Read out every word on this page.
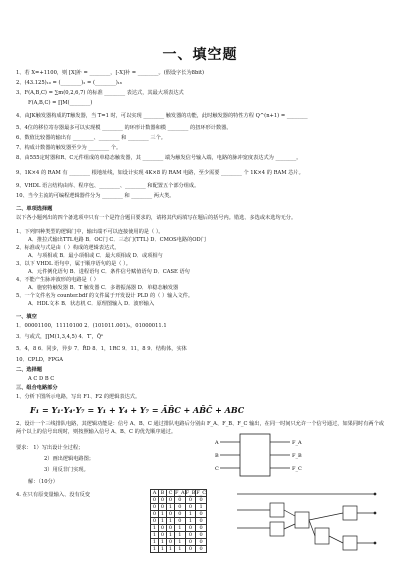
一、填空题
1、若 X=+1100，则 [X]补 = ________，[-X]补 = ________。(假设字长为8bit)
2、(43.125)₁₀ = (________)₂ = (________)₁₆
3、F(A,B,C) = ∑m(0,2,6,7) 的标准 ________ 表达式，其最大项表达式
F(A,B,C) = ∏M(________)
4、由JK触发器构成的T触发器，当 T=1 时，可以实现 ________ 触发器的功能，此时触发器的特性方程 Q^(n+1) = ________
5、4位的移位寄存器最多可以实现模 ________ 的环形计数器和模 ________ 的扭环形计数器。
6、数值比较器的输出有 ________、________ 和 ________ 三个。
7、构成计数器的触发器至少为 ________ 个。
8、由555定时器和R、C元件组成的单稳态触发器，其 ________ 端为触发信号输入端，电路的脉冲宽度表达式为 ________。
9、1K×4 的 RAM 有 ________ 根地址线，如设计实现 4K×8 的 RAM 电路，至少需要 ________ 个 1K×4 的 RAM 芯片。
9、VHDL 语言结构由库、程序包、________、________ 和配置五个部分组成。
10、当今主流的可编程逻辑器件分为 ________ 和 ________ 两大类。
二、单项选择题
以下各小题列出的四个备选项中只有一个是符合题目要求的，请将其代码填写在题后的括号内。错选、多选或未选均无分。
1、下列四种类型的逻辑门中，输出端不可以连接使用的是（ ）。
A．推拉式输出TTL电路 B．OC门 C．三态门(TTL) D．CMOS电路的OD门
2、标准或与式是由（ ）构成的逻辑表达式。
A．与项相或 B．最小项相或 C．最大项相或 D．或项相与
3、以下 VHDL 语句中，属于顺序语句的是（ ）。
A．元件例化语句 B．进程语句 C．条件信号赋值语句 D．CASE 语句
4、不能产生脉冲波形的电路是（ ）
A．施密特触发器 B．T 触发器 C．多谐振荡器 D．单稳态触发器
5、一个文件名为 counter.bdf 的文件属于开发设计 PLD 的（ ）输入文件。
A．HDL文本 B．状态机 C．原理图输入 D．波形输入
一、填空
1．00001100，11110100 2．(101011.001)₂，01000011.1
3．与或式，∏M(1,3,4,5) 4．T′，Q̄ⁿ
5．4，8 6．同步，异步 7．R̄D 8．1，1RC 9．11，8 9．结构体，实体
10．CPLD，FPGA
二、选择题
A C D B C
三、组合电路部分
1、分析下图所示电路，写出 F1、F2 的逻辑表达式。
F₁ = Y₁·Y₄·Y₇ = Y₁ + Y₄ + Y₇ = ĀB̄C + AB̄C̄ + ABC
2、设计一个三线排队电路，其逻辑功能是：信号 A、B、C 通过排队电路后分别由 F_A、F_B、F_C 输出，在同一时间只允许一个信号通过，如果同时有两个或两个以上的信号出现时，则按照输入信号 A、B、C 的优先顺序通过。
要求： 1）写出设计全过程；
2）画出逻辑电路图；
3）用反非门实现。
解：（10分）
4. 在只有原变量输入、没有反变
A
B
C
F_A
F_B
F_C
A	B	C	F_A	F_B	F_C
0	0	0	0	0	0
0	0	1	0	0	1
0	1	0	0	1	0
0	1	1	0	1	0
1	0	0	1	0	0
1	0	1	1	0	0
1	1	0	1	0	0
1	1	1	1	0	0
